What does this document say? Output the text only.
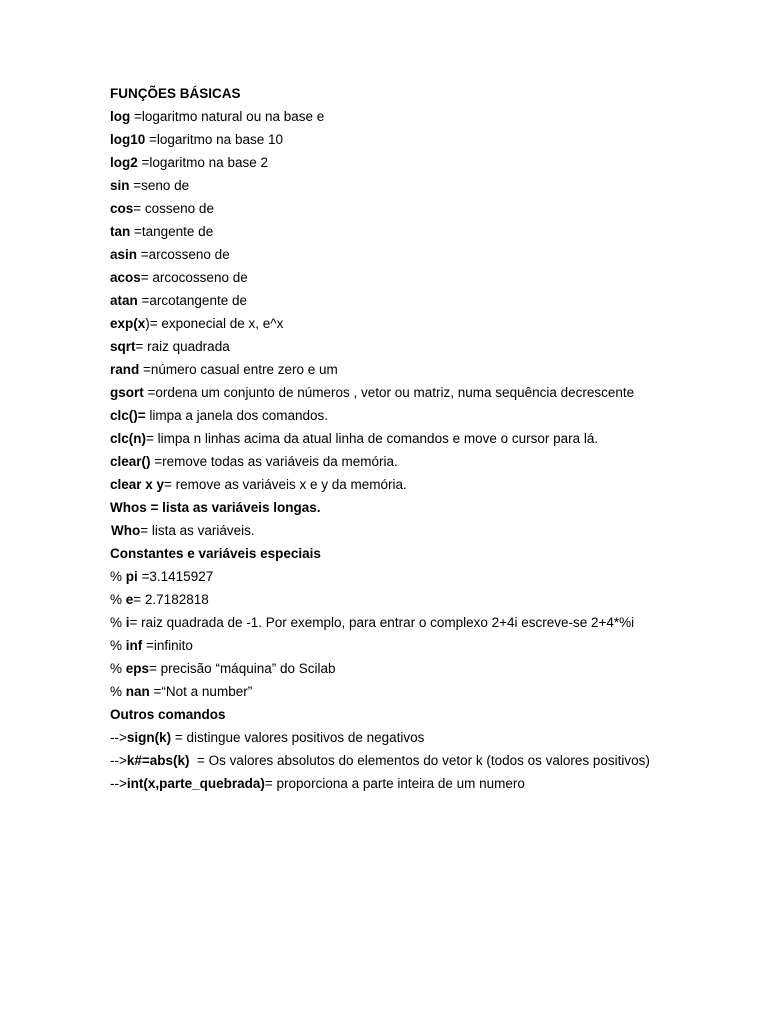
FUNÇÕES BÁSICAS
log =logaritmo natural ou na base e
log10 =logaritmo na base 10
log2 =logaritmo na base 2
sin =seno de
cos= cosseno de
tan =tangente de
asin =arcosseno de
acos= arcocosseno de
atan =arcotangente de
exp(x)= exponecial de x, e^x
sqrt= raiz quadrada
rand =número casual entre zero e um
gsort =ordena um conjunto de números , vetor ou matriz, numa sequência decrescente
clc()= limpa a janela dos comandos.
clc(n)= limpa n linhas acima da atual linha de comandos e move o cursor para lá.
clear() =remove todas as variáveis da memória.
clear x y= remove as variáveis x e y da memória.
Whos = lista as variáveis longas.
Who= lista as variáveis.
Constantes e variáveis especiais
% pi =3.1415927
% e= 2.7182818
% i= raiz quadrada de -1. Por exemplo, para entrar o complexo 2+4i escreve-se 2+4*%i
% inf =infinito
% eps= precisão “máquina” do Scilab
% nan =“Not a number”
Outros comandos
-->sign(k) = distingue valores positivos de negativos
-->k#=abs(k)  = Os valores absolutos do elementos do vetor k (todos os valores positivos)
-->int(x,parte_quebrada)= proporciona a parte inteira de um numero
